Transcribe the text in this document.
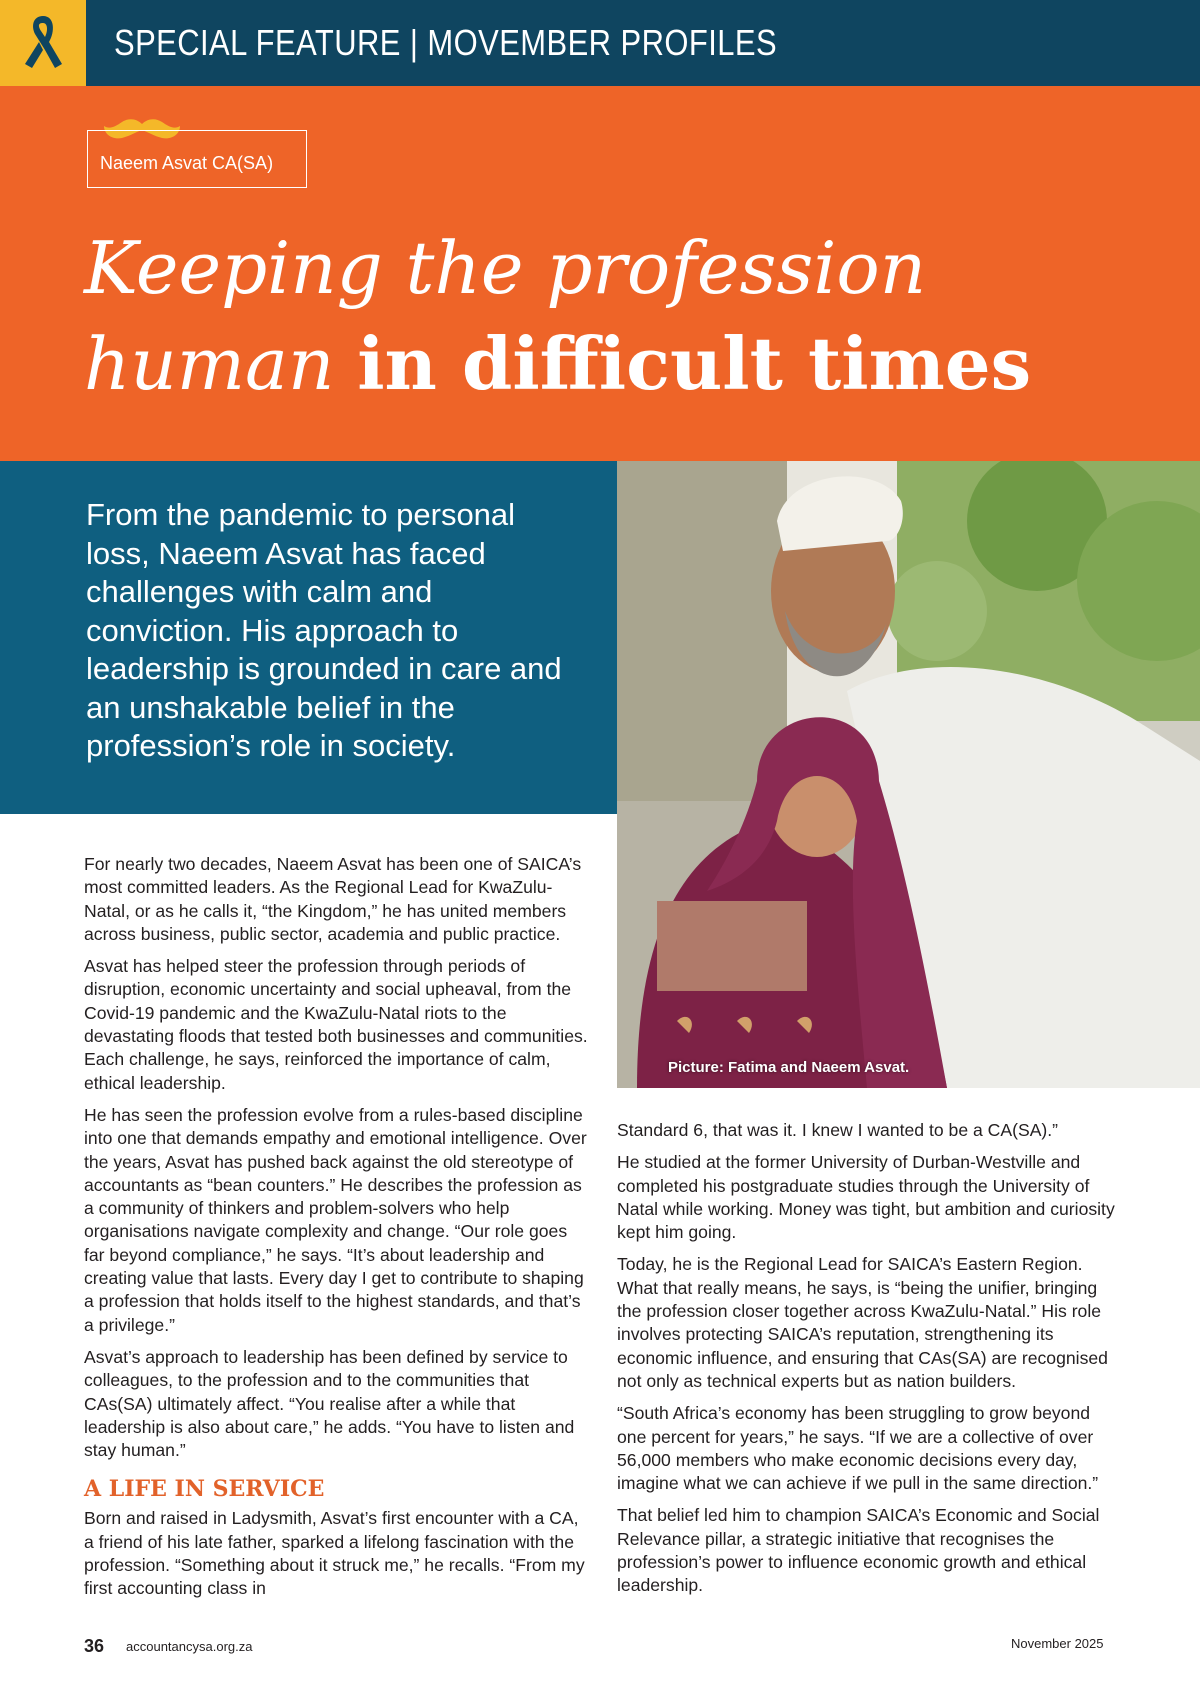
SPECIAL FEATURE | MOVEMBER PROFILES
Naeem Asvat CA(SA)
Keeping the profession
human in difficult times
From the pandemic to personal loss, Naeem Asvat has faced challenges with calm and conviction. His approach to leadership is grounded in care and an unshakable belief in the profession’s role in society.
Picture: Fatima and Naeem Asvat.

For nearly two decades, Naeem Asvat has been one of SAICA’s most committed leaders. As the Regional Lead for KwaZulu-Natal, or as he calls it, “the Kingdom,” he has united members across business, public sector, academia and public practice.

Asvat has helped steer the profession through periods of disruption, economic uncertainty and social upheaval, from the Covid-19 pandemic and the KwaZulu-Natal riots to the devastating floods that tested both businesses and communities. Each challenge, he says, reinforced the importance of calm, ethical leadership.

He has seen the profession evolve from a rules-based discipline into one that demands empathy and emotional intelligence. Over the years, Asvat has pushed back against the old stereotype of accountants as “bean counters.” He describes the profession as a community of thinkers and problem-solvers who help organisations navigate complexity and change. “Our role goes far beyond compliance,” he says. “It’s about leadership and creating value that lasts. Every day I get to contribute to shaping a profession that holds itself to the highest standards, and that’s a privilege.”

Asvat’s approach to leadership has been defined by service to colleagues, to the profession and to the communities that CAs(SA) ultimately affect. “You realise after a while that leadership is also about care,” he adds. “You have to listen and stay human.”

A LIFE IN SERVICE

Born and raised in Ladysmith, Asvat’s first encounter with a CA, a friend of his late father, sparked a lifelong fascination with the profession. “Something about it struck me,” he recalls. “From my first accounting class in

Standard 6, that was it. I knew I wanted to be a CA(SA).”

He studied at the former University of Durban-Westville and completed his postgraduate studies through the University of Natal while working. Money was tight, but ambition and curiosity kept him going.

Today, he is the Regional Lead for SAICA’s Eastern Region. What that really means, he says, is “being the unifier, bringing the profession closer together across KwaZulu-Natal.” His role involves protecting SAICA’s reputation, strengthening its economic influence, and ensuring that CAs(SA) are recognised not only as technical experts but as nation builders.

“South Africa’s economy has been struggling to grow beyond one percent for years,” he says. “If we are a collective of over 56,000 members who make economic decisions every day, imagine what we can achieve if we pull in the same direction.”

That belief led him to champion SAICA’s Economic and Social Relevance pillar, a strategic initiative that recognises the profession’s power to influence economic growth and ethical leadership.

36 accountancysa.org.za	November 2025
